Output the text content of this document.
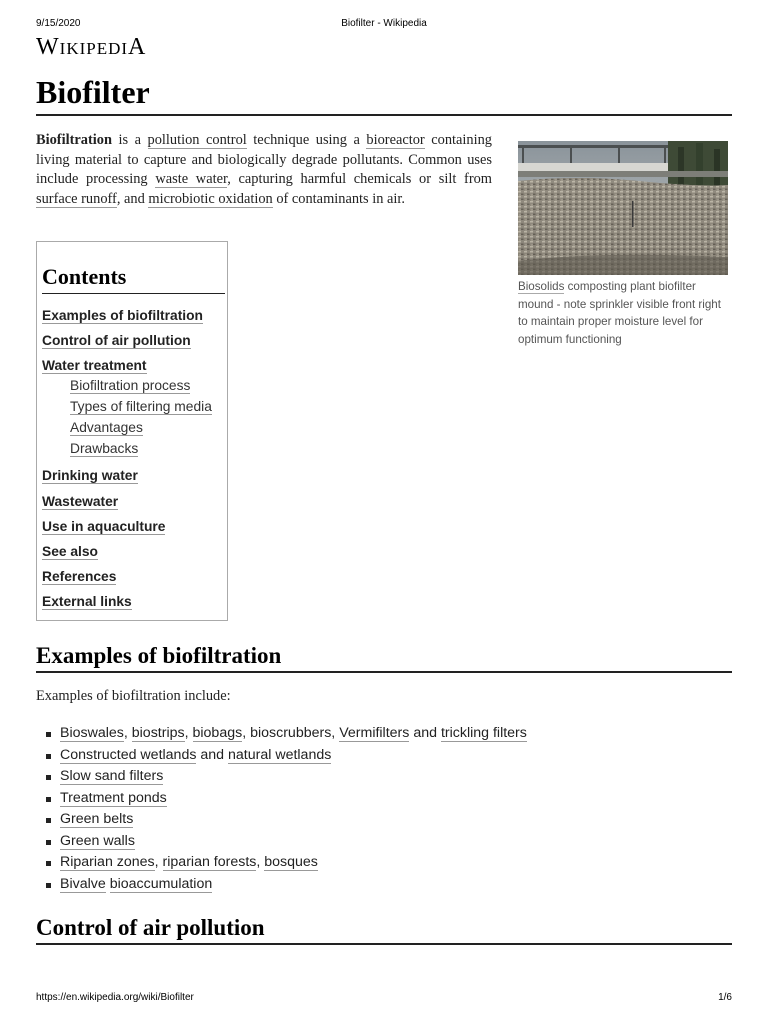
9/15/2020	Biofilter - Wikipedia
WIKIPEDIA
Biofilter

Biofiltration is a pollution control technique using a bioreactor containing living material to capture and biologically degrade pollutants. Common uses include processing waste water, capturing harmful chemicals or silt from surface runoff, and microbiotic oxidation of contaminants in air.

Biosolids composting plant biofilter mound - note sprinkler visible front right to maintain proper moisture level for optimum functioning
Contents
Examples of biofiltration
Control of air pollution
Water treatment
Biofiltration process
Types of filtering media
Advantages
Drawbacks
Drinking water
Wastewater
Use in aquaculture
See also
References
External links
Examples of biofiltration

Examples of biofiltration include:

Bioswales, biostrips, biobags, bioscrubbers, Vermifilters and trickling filters
Constructed wetlands and natural wetlands
Slow sand filters
Treatment ponds
Green belts
Green walls
Riparian zones, riparian forests, bosques
Bivalve bioaccumulation
Control of air pollution
https://en.wikipedia.org/wiki/Biofilter	1/6
